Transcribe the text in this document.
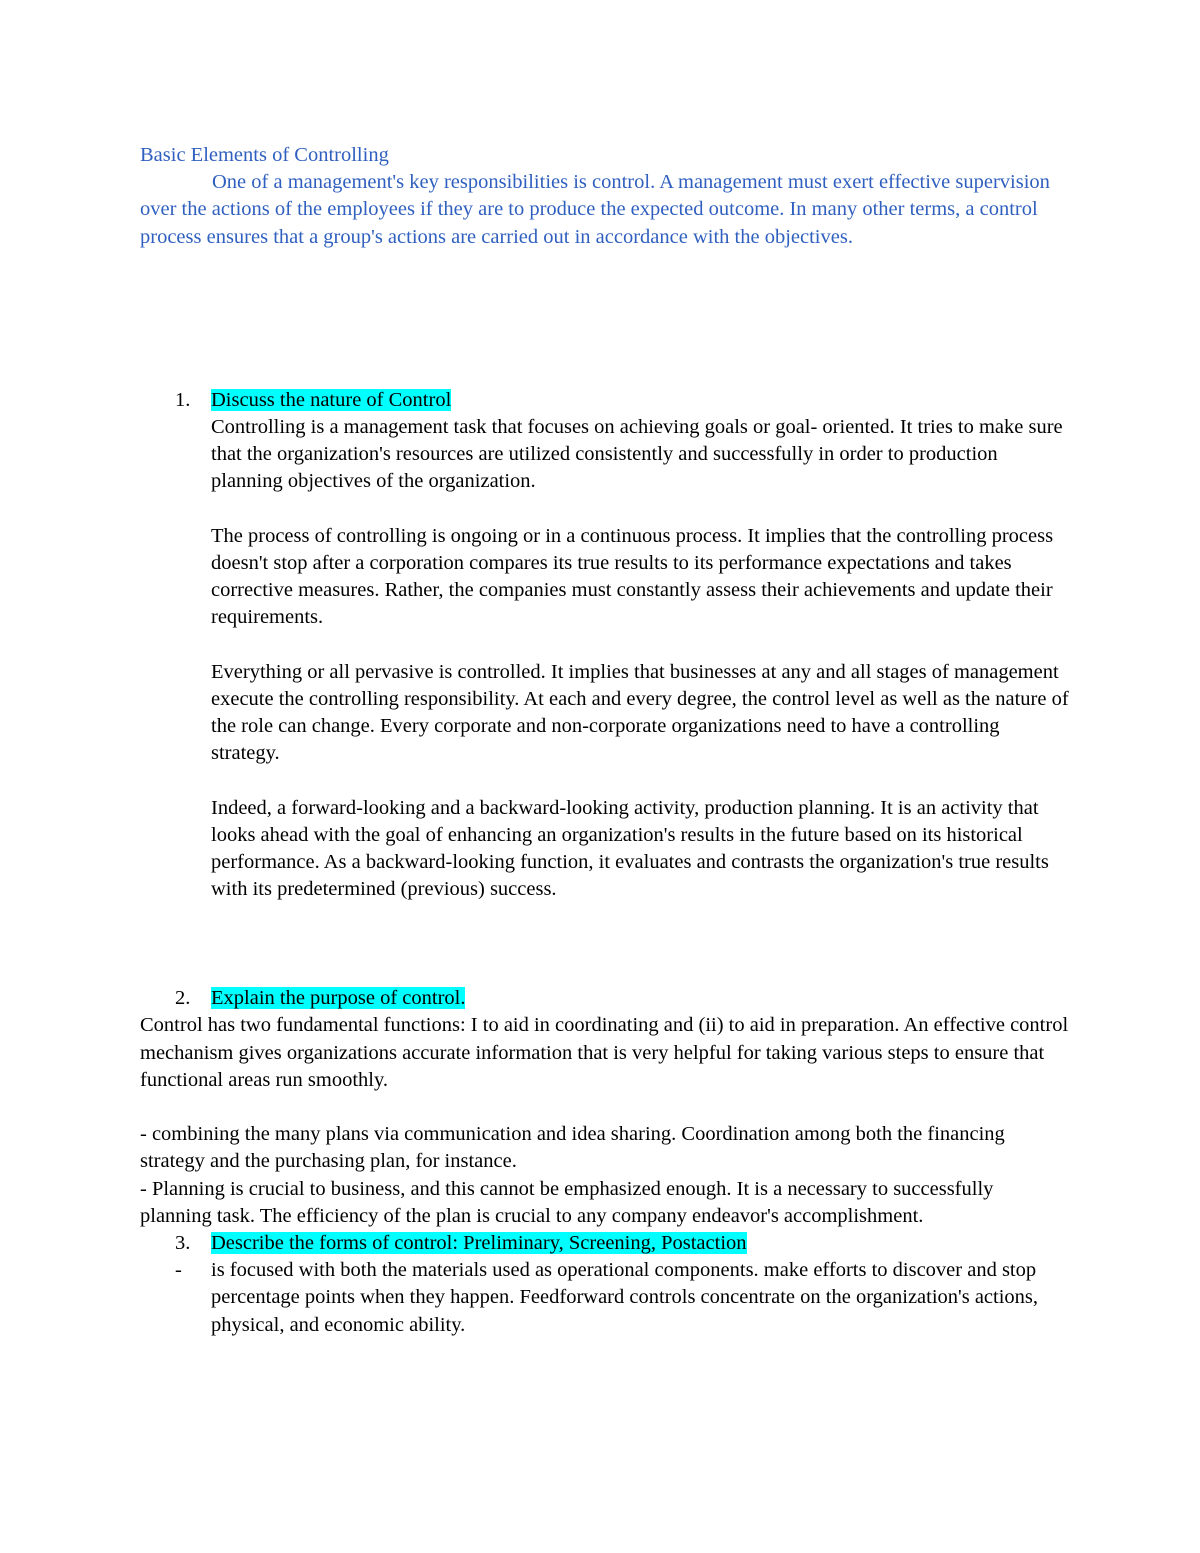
Basic Elements of Controlling

One of a management's key responsibilities is control. A management must exert effective supervision over the actions of the employees if they are to produce the expected outcome. In many other terms, a control process ensures that a group's actions are carried out in accordance with the objectives.

1. Discuss the nature of Control

Controlling is a management task that focuses on achieving goals or goal- oriented. It tries to make sure that the organization's resources are utilized consistently and successfully in order to production planning objectives of the organization.

The process of controlling is ongoing or in a continuous process. It implies that the controlling process doesn't stop after a corporation compares its true results to its performance expectations and takes corrective measures. Rather, the companies must constantly assess their achievements and update their requirements.

Everything or all pervasive is controlled. It implies that businesses at any and all stages of management execute the controlling responsibility. At each and every degree, the control level as well as the nature of the role can change. Every corporate and non-corporate organizations need to have a controlling strategy.

Indeed, a forward-looking and a backward-looking activity, production planning. It is an activity that looks ahead with the goal of enhancing an organization's results in the future based on its historical performance. As a backward-looking function, it evaluates and contrasts the organization's true results with its predetermined (previous) success.

2. Explain the purpose of control.

Control has two fundamental functions: I to aid in coordinating and (ii) to aid in preparation. An effective control mechanism gives organizations accurate information that is very helpful for taking various steps to ensure that functional areas run smoothly.

- combining the many plans via communication and idea sharing. Coordination among both the financing strategy and the purchasing plan, for instance.

- Planning is crucial to business, and this cannot be emphasized enough. It is a necessary to successfully planning task. The efficiency of the plan is crucial to any company endeavor's accomplishment.

3. Describe the forms of control: Preliminary, Screening, Postaction

- is focused with both the materials used as operational components. make efforts to discover and stop percentage points when they happen. Feedforward controls concentrate on the organization's actions, physical, and economic ability.
